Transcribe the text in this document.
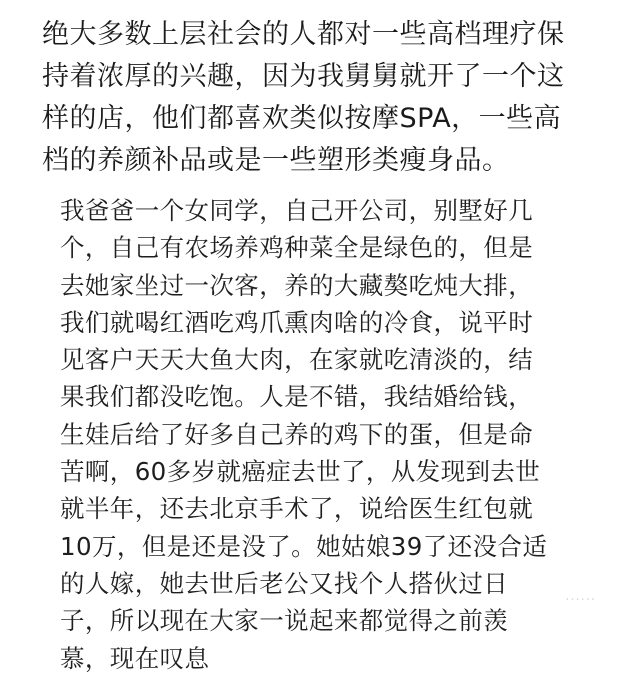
绝大多数上层社会的人都对一些高档理疗保
持着浓厚的兴趣，因为我舅舅就开了一个这
样的店，他们都喜欢类似按摩SPA，一些高
档的养颜补品或是一些塑形类瘦身品。
我爸爸一个女同学，自己开公司，别墅好几
个，自己有农场养鸡种菜全是绿色的，但是
去她家坐过一次客，养的大藏獒吃炖大排，
我们就喝红酒吃鸡爪熏肉啥的冷食，说平时
见客户天天大鱼大肉，在家就吃清淡的，结
果我们都没吃饱。人是不错，我结婚给钱，
生娃后给了好多自己养的鸡下的蛋，但是命
苦啊，60多岁就癌症去世了，从发现到去世
就半年，还去北京手术了，说给医生红包就
10万，但是还是没了。她姑娘39了还没合适
的人嫁，她去世后老公又找个人搭伙过日
子，所以现在大家一说起来都觉得之前羡
慕，现在叹息
······
